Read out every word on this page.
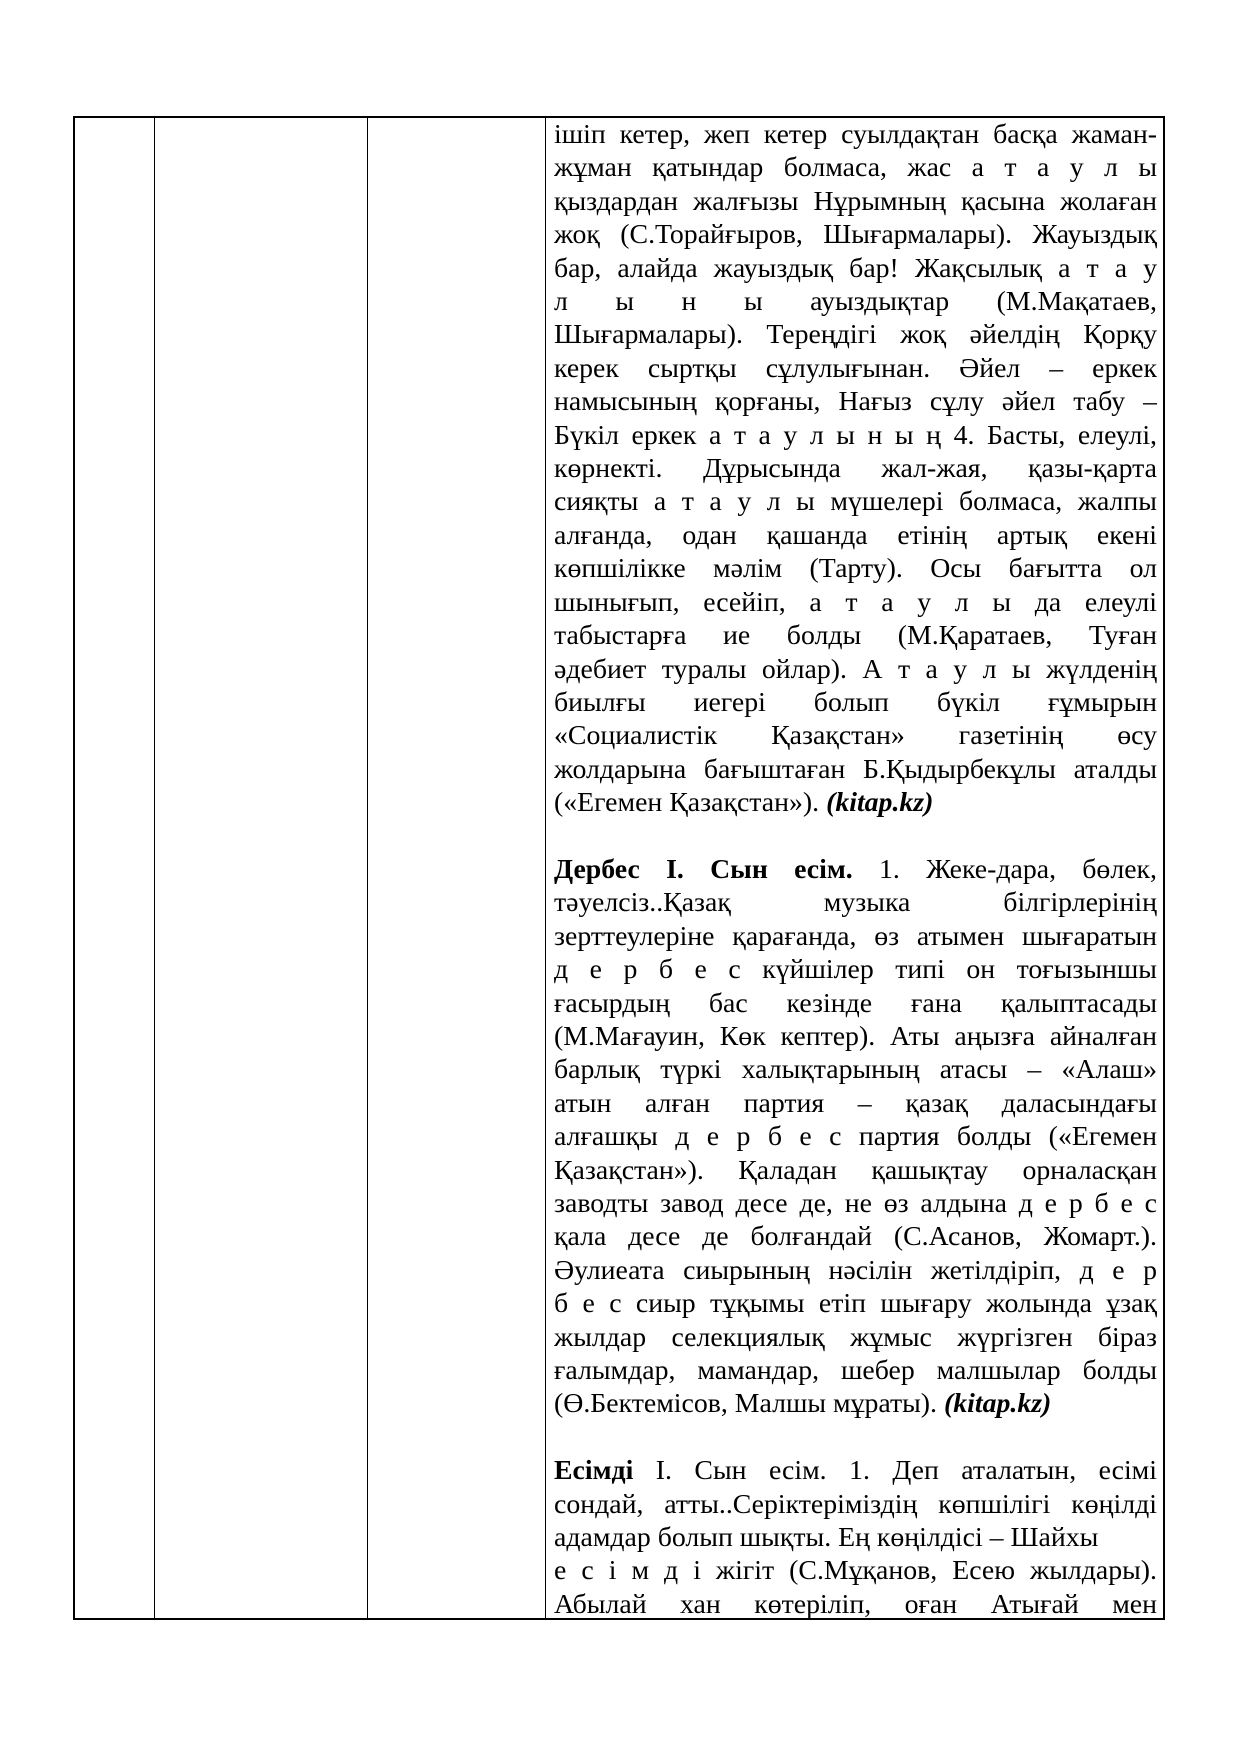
ішіп кетер, жеп кетер суылдақтан басқа жаман-
жұман қатындар болмаса, жас а т а у л ы
қыздардан жалғызы Нұрымның қасына жолаған
жоқ (С.Торайғыров, Шығармалары). Жауыздық
бар, алайда жауыздық бар! Жақсылық а т а у
л ы н ы ауыздықтар (М.Мақатаев,
Шығармалары). Тереңдігі жоқ әйелдің Қорқу
керек сыртқы сұлулығынан. Әйел – еркек
намысының қорғаны, Нағыз сұлу әйел табу –
Бүкіл еркек а т а у л ы н ы ң 4. Басты, елеулі,
көрнекті. Дұрысында жал-жая, қазы-қарта
сияқты а т а у л ы мүшелері болмаса, жалпы
алғанда, одан қашанда етінің артық екені
көпшілікке мәлім (Тарту). Осы бағытта ол
шынығып, есейіп, а т а у л ы да елеулі
табыстарға ие болды (М.Қаратаев, Туған
әдебиет туралы ойлар). А т а у л ы жүлденің
биылғы иегері болып бүкіл ғұмырын
«Социалистік Қазақстан» газетінің өсу
жолдарына бағыштаған Б.Қыдырбекұлы аталды
(«Егемен Қазақстан»). (kitap.kz)
Дербес І. Сын есім. 1. Жеке-дара, бөлек,
тәуелсіз..Қазақ музыка білгірлерінің
зерттеулеріне қарағанда, өз атымен шығаратын
д е р б е с күйшілер типі он тоғызыншы
ғасырдың бас кезінде ғана қалыптасады
(М.Мағауин, Көк кептер). Аты аңызға айналған
барлық түркі халықтарының атасы – «Алаш»
атын алған партия – қазақ даласындағы
алғашқы д е р б е с партия болды («Егемен
Қазақстан»). Қаладан қашықтау орналасқан
заводты завод десе де, не өз алдына д е р б е с
қала десе де болғандай (С.Асанов, Жомарт.).
Әулиеата сиырының нәсілін жетілдіріп, д е р
б е с сиыр тұқымы етіп шығару жолында ұзақ
жылдар селекциялық жұмыс жүргізген біраз
ғалымдар, мамандар, шебер малшылар болды
(Ө.Бектемісов, Малшы мұраты). (kitap.kz)
Есімді І. Сын есім. 1. Деп аталатын, есімі
сондай, атты..Серіктеріміздің көпшілігі көңілді
адамдар болып шықты. Ең көңілдісі – Шайхы
е с і м д і жігіт (С.Мұқанов, Есею жылдары).
Абылай хан көтеріліп, оған Атығай мен
